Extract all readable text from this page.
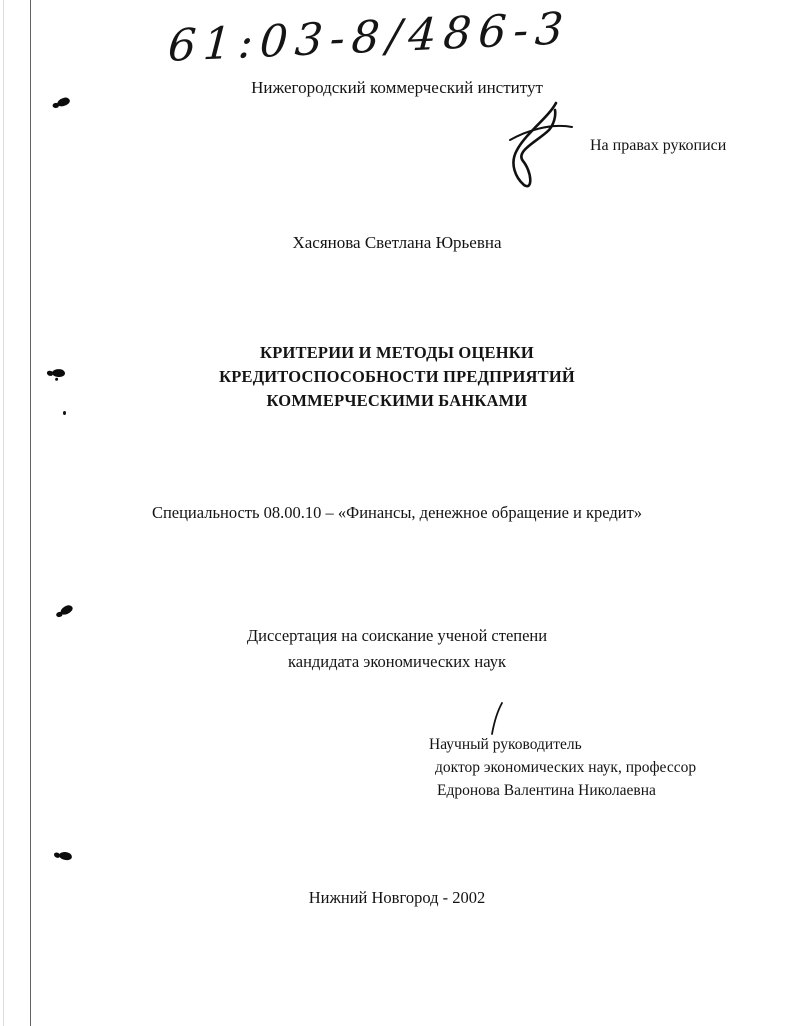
61:03-8/486-3
Нижегородский коммерческий институт
На правах рукописи
Хасянова Светлана Юрьевна
КРИТЕРИИ И МЕТОДЫ ОЦЕНКИ
КРЕДИТОСПОСОБНОСТИ ПРЕДПРИЯТИЙ
КОММЕРЧЕСКИМИ БАНКАМИ
Специальность 08.00.10 – «Финансы, денежное обращение и кредит»
Диссертация на соискание ученой степени
кандидата экономических наук
Научный руководитель
доктор экономических наук, профессор
Едронова Валентина Николаевна
Нижний Новгород - 2002
